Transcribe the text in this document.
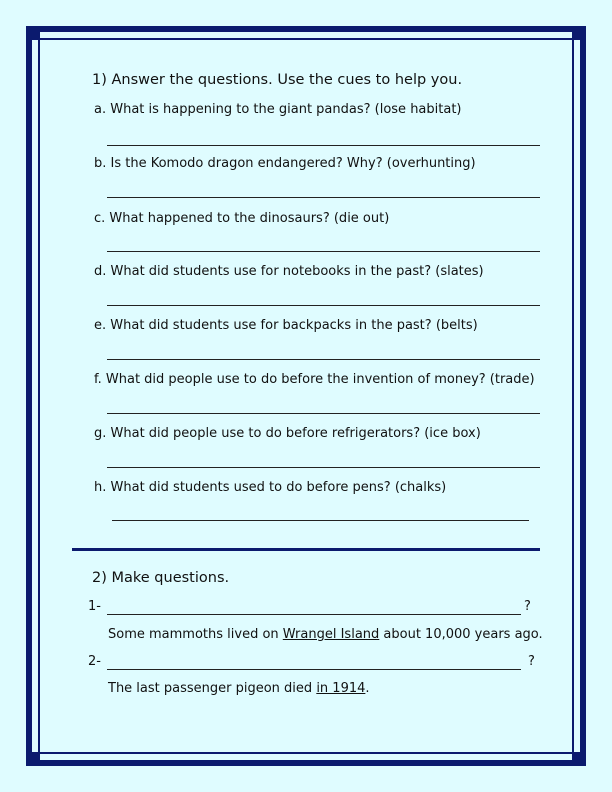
1) Answer the questions. Use the cues to help you.
a. What is happening to the giant pandas? (lose habitat)
b. Is the Komodo dragon endangered? Why? (overhunting)
c. What happened to the dinosaurs? (die out)
d. What did students use for notebooks in the past? (slates)
e. What did students use for backpacks in the past? (belts)
f. What did people use to do before the invention of money? (trade)
g. What did people use to do before refrigerators? (ice box)
h. What did students used to do before pens? (chalks)
2) Make questions.
1-	?
Some mammoths lived on Wrangel Island about 10,000 years ago.
2-	?
The last passenger pigeon died in 1914.
